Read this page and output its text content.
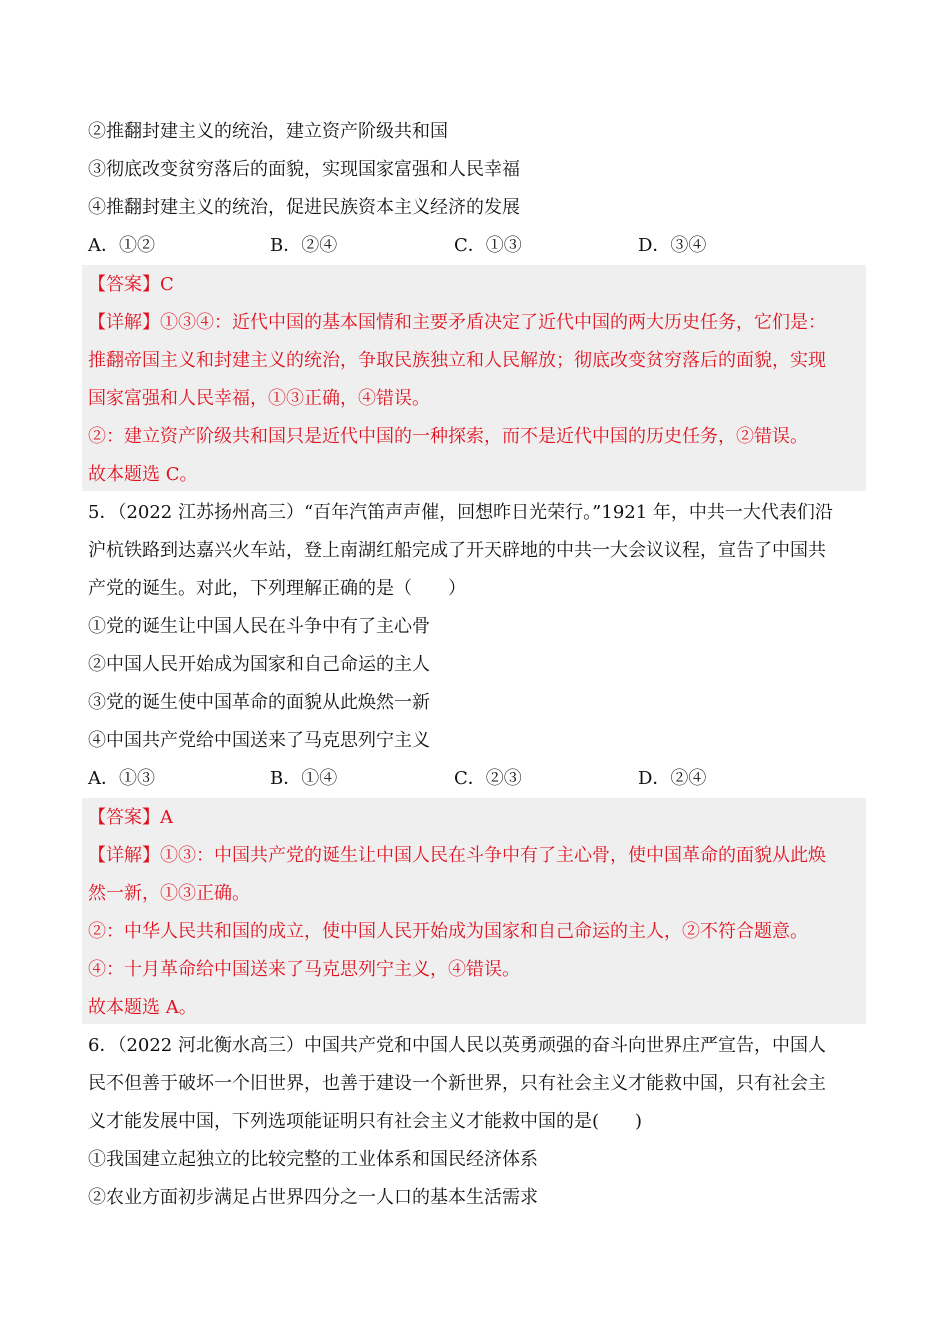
②推翻封建主义的统治，建立资产阶级共和国
③彻底改变贫穷落后的面貌，实现国家富强和人民幸福
④推翻封建主义的统治，促进民族资本主义经济的发展
A．①②	B．②④	C．①③	D．③④
【答案】C
【详解】①③④：近代中国的基本国情和主要矛盾决定了近代中国的两大历史任务，它们是：
推翻帝国主义和封建主义的统治，争取民族独立和人民解放；彻底改变贫穷落后的面貌，实现
国家富强和人民幸福，①③正确，④错误。
②：建立资产阶级共和国只是近代中国的一种探索，而不是近代中国的历史任务，②错误。
故本题选 C。
5．（2022 江苏扬州高三）“百年汽笛声声催，回想昨日光荣行。”1921 年，中共一大代表们沿
沪杭铁路到达嘉兴火车站，登上南湖红船完成了开天辟地的中共一大会议议程，宣告了中国共
产党的诞生。对此，下列理解正确的是（　　）
①党的诞生让中国人民在斗争中有了主心骨
②中国人民开始成为国家和自己命运的主人
③党的诞生使中国革命的面貌从此焕然一新
④中国共产党给中国送来了马克思列宁主义
A．①③	B．①④	C．②③	D．②④
【答案】A
【详解】①③：中国共产党的诞生让中国人民在斗争中有了主心骨，使中国革命的面貌从此焕
然一新，①③正确。
②：中华人民共和国的成立，使中国人民开始成为国家和自己命运的主人，②不符合题意。
④：十月革命给中国送来了马克思列宁主义，④错误。
故本题选 A。
6．（2022 河北衡水高三）中国共产党和中国人民以英勇顽强的奋斗向世界庄严宣告，中国人
民不但善于破坏一个旧世界，也善于建设一个新世界，只有社会主义才能救中国，只有社会主
义才能发展中国，下列选项能证明只有社会主义才能救中国的是(　　)
①我国建立起独立的比较完整的工业体系和国民经济体系
②农业方面初步满足占世界四分之一人口的基本生活需求
